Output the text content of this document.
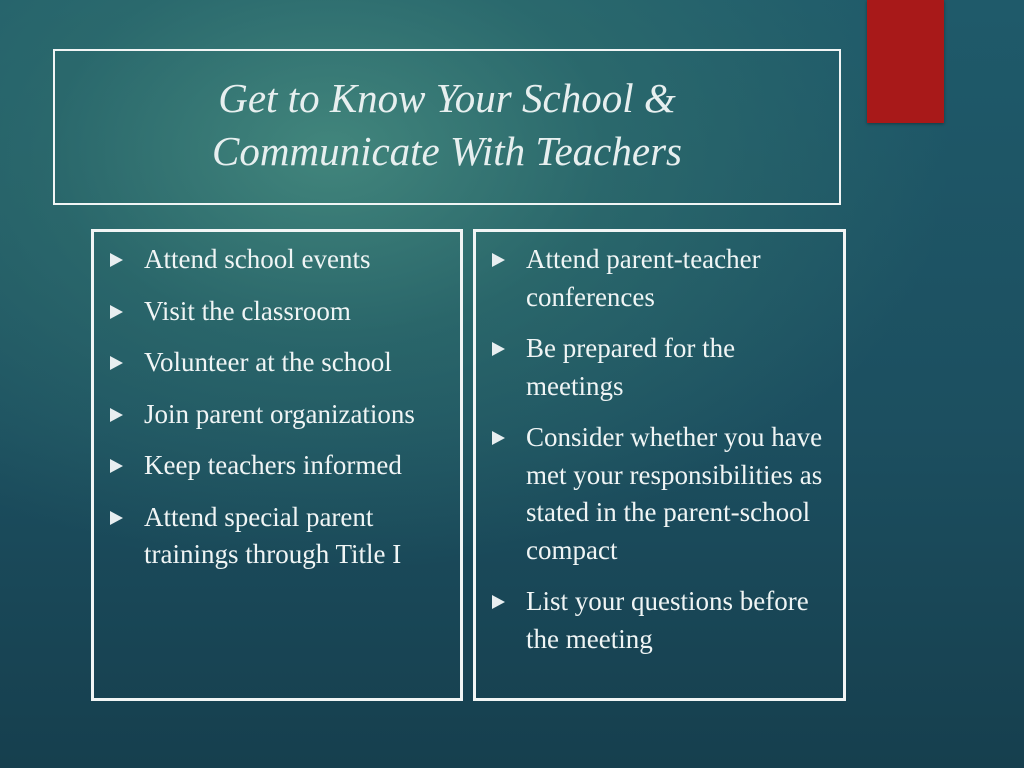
Get to Know Your School &
Communicate With Teachers
Attend school events
Visit the classroom
Volunteer at the school
Join parent organizations
Keep teachers informed
Attend special parent trainings through Title I
Attend parent-teacher conferences
Be prepared for the meetings
Consider whether you have met your responsibilities as stated in the parent-school compact
List your questions before the meeting
